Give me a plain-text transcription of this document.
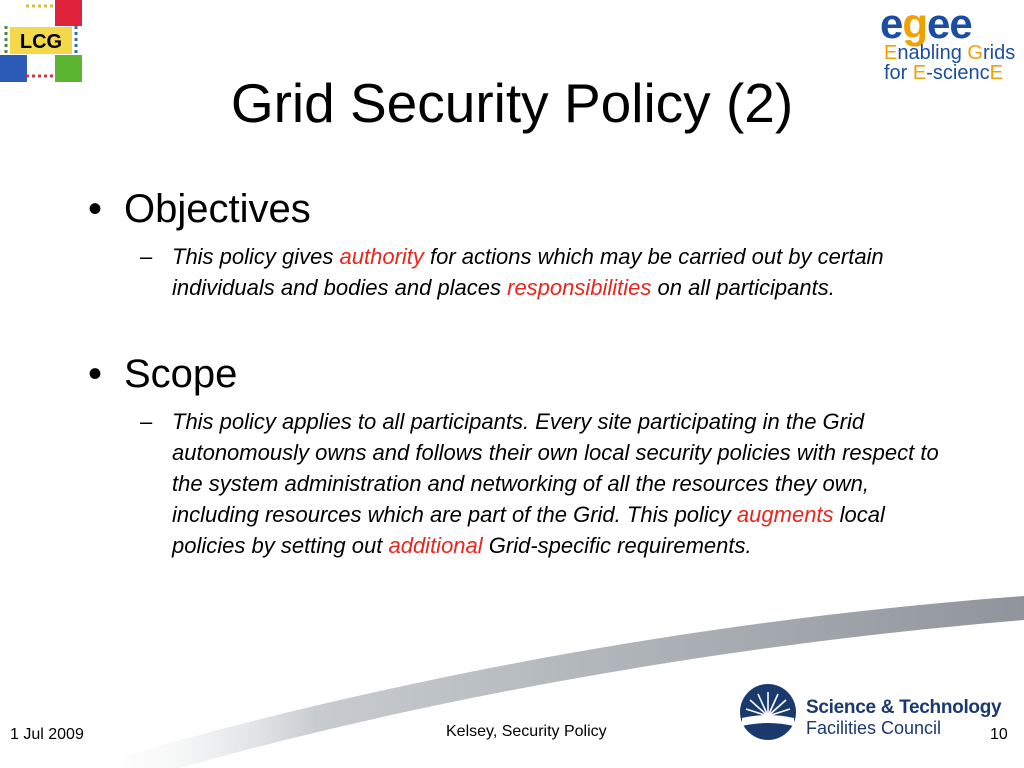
LCG	egee
Enabling Grids
for E-sciencE
Grid Security Policy (2)
• Objectives
– This policy gives authority for actions which may be carried out by certain individuals and bodies and places responsibilities on all participants.
• Scope
– This policy applies to all participants. Every site participating in the Grid autonomously owns and follows their own local security policies with respect to the system administration and networking of all the resources they own, including resources which are part of the Grid. This policy augments local policies by setting out additional Grid-specific requirements.
Science & Technology
Facilities Council
1 Jul 2009	Kelsey, Security Policy	10
